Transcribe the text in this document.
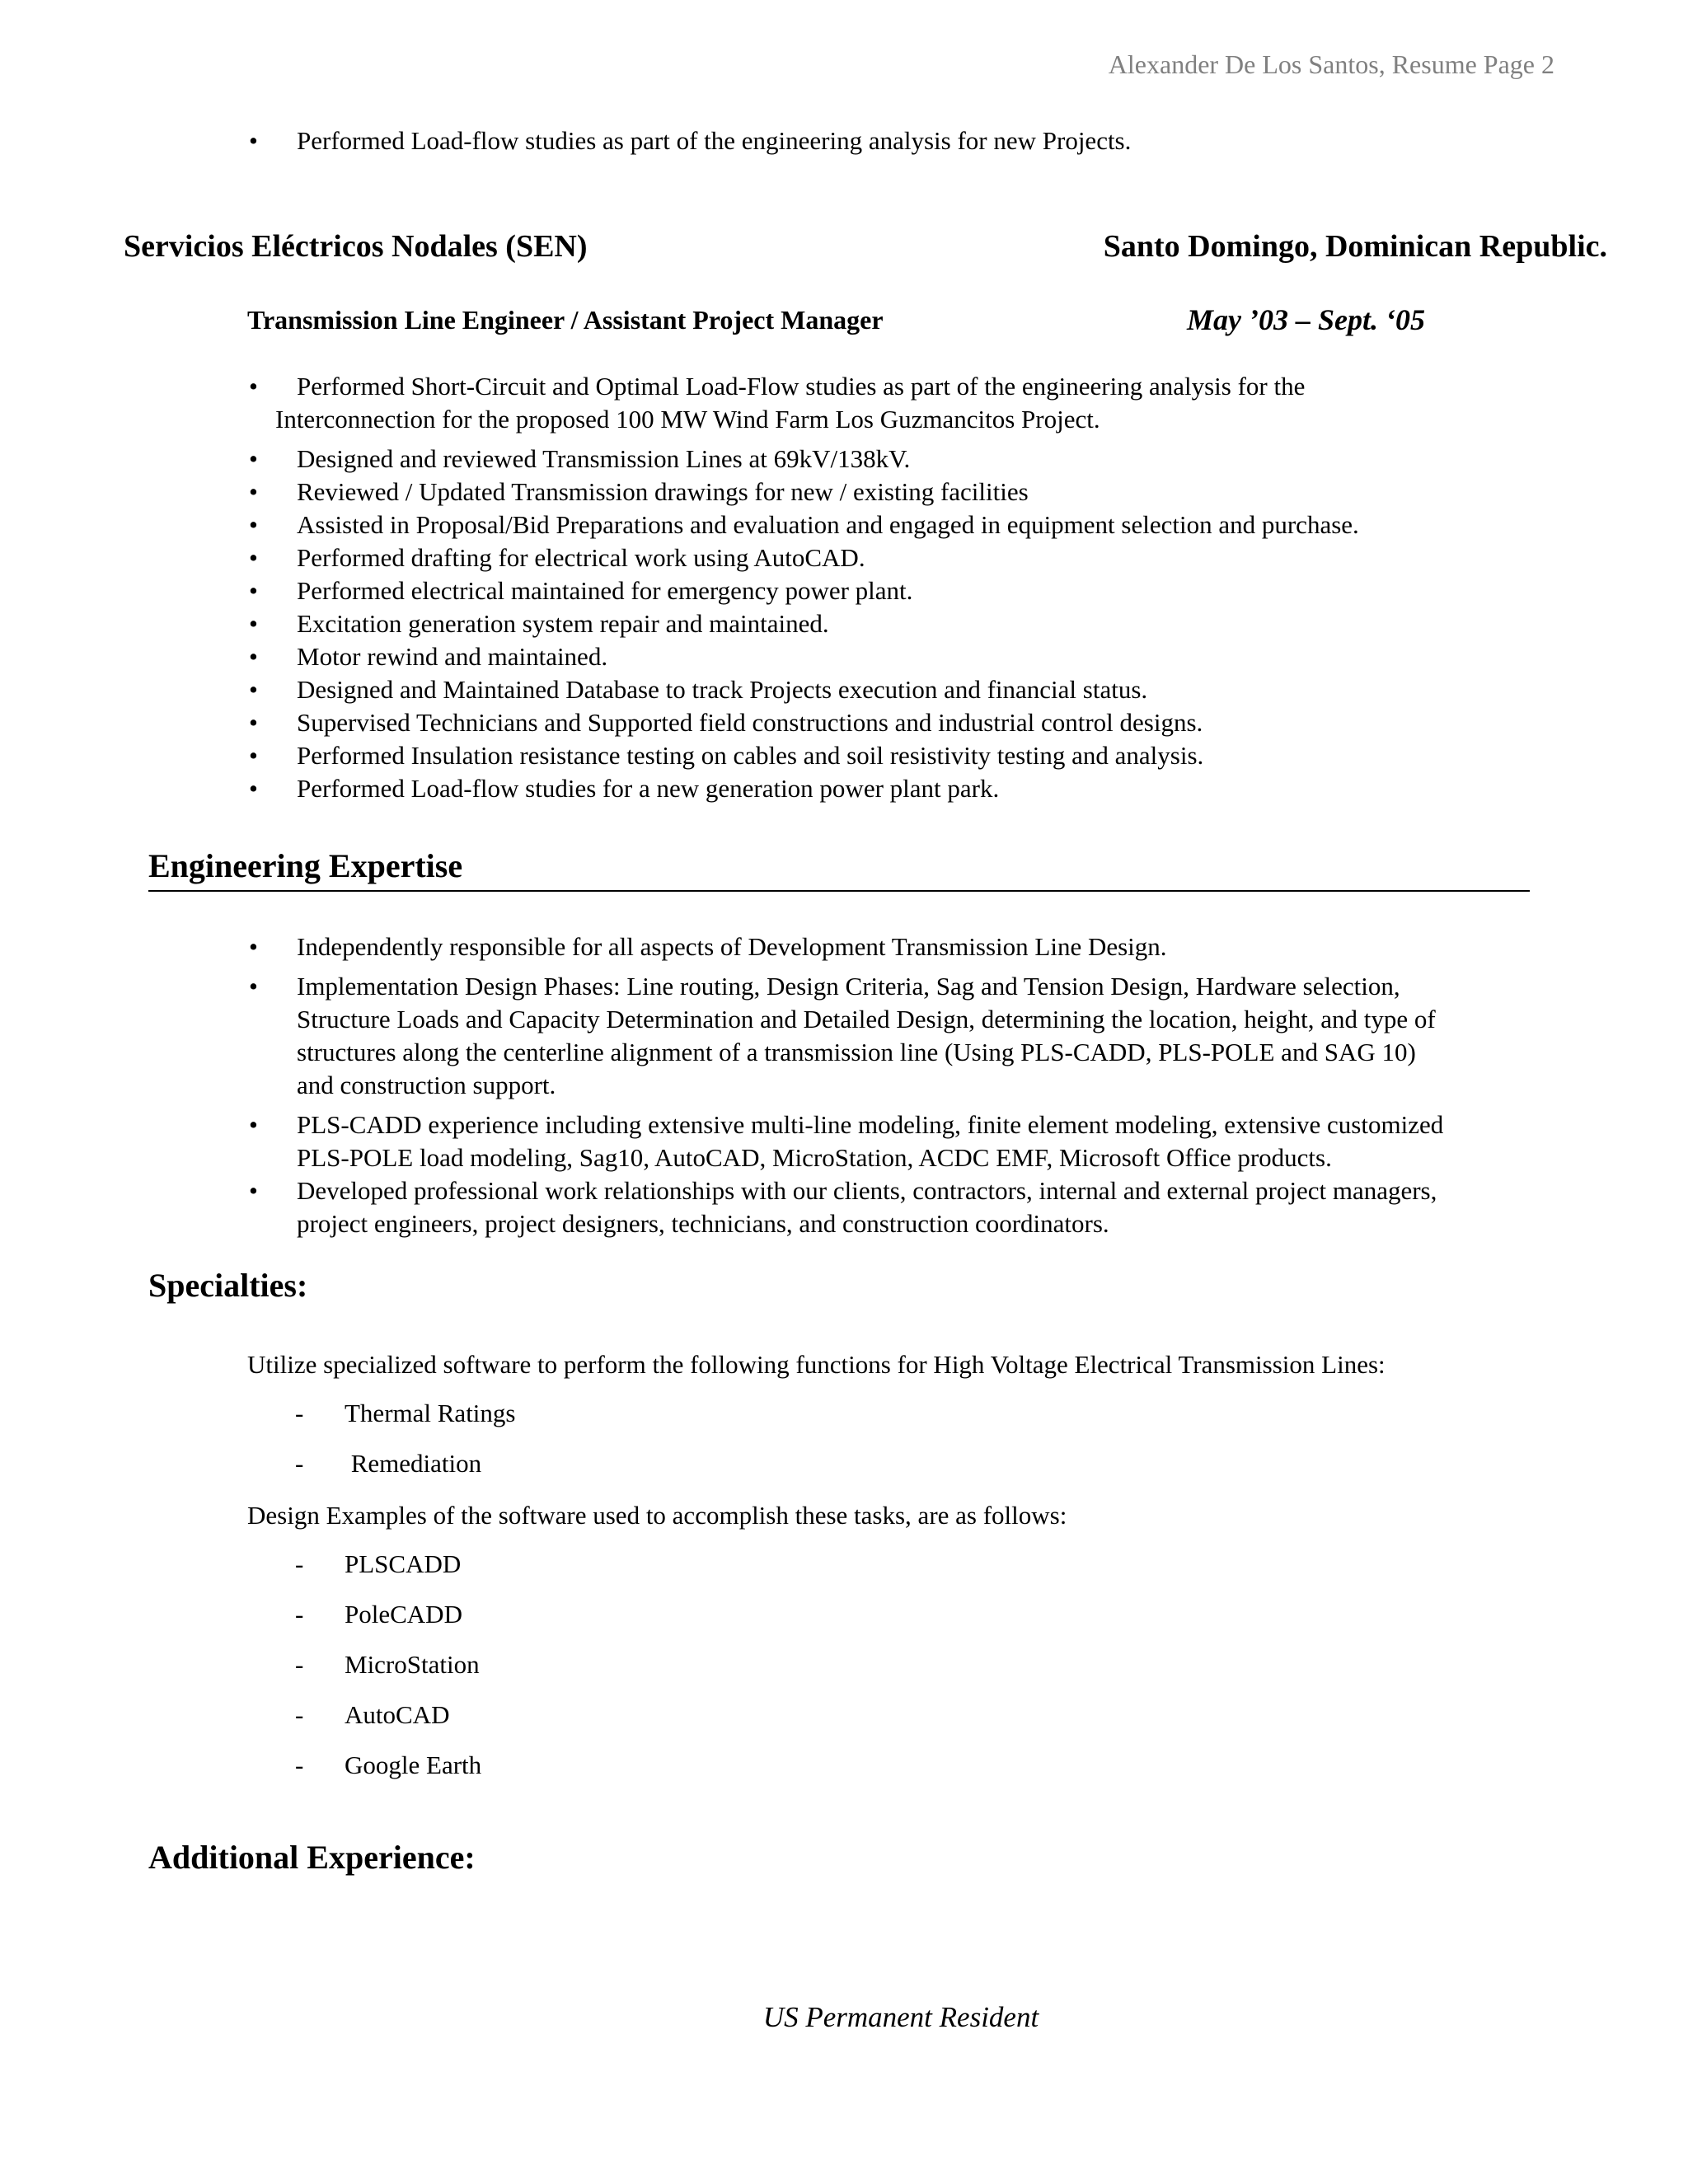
Alexander De Los Santos, Resume Page 2
• Performed Load-flow studies as part of the engineering analysis for new Projects.
Servicios Eléctricos Nodales (SEN)	Santo Domingo, Dominican Republic.
Transmission Line Engineer / Assistant Project Manager	May ’03 – Sept. ‘05
• Performed Short-Circuit and Optimal Load-Flow studies as part of the engineering analysis for the
Interconnection for the proposed 100 MW Wind Farm Los Guzmancitos Project.
• Designed and reviewed Transmission Lines at 69kV/138kV.
• Reviewed / Updated Transmission drawings for new / existing facilities
• Assisted in Proposal/Bid Preparations and evaluation and engaged in equipment selection and purchase.
• Performed drafting for electrical work using AutoCAD.
• Performed electrical maintained for emergency power plant.
• Excitation generation system repair and maintained.
• Motor rewind and maintained.
• Designed and Maintained Database to track Projects execution and financial status.
• Supervised Technicians and Supported field constructions and industrial control designs.
• Performed Insulation resistance testing on cables and soil resistivity testing and analysis.
• Performed Load-flow studies for a new generation power plant park.
Engineering Expertise
• Independently responsible for all aspects of Development Transmission Line Design.
• Implementation Design Phases: Line routing, Design Criteria, Sag and Tension Design, Hardware selection,
Structure Loads and Capacity Determination and Detailed Design, determining the location, height, and type of
structures along the centerline alignment of a transmission line (Using PLS-CADD, PLS-POLE and SAG 10)
and construction support.
• PLS-CADD experience including extensive multi-line modeling, finite element modeling, extensive customized
PLS-POLE load modeling, Sag10, AutoCAD, MicroStation, ACDC EMF, Microsoft Office products.
• Developed professional work relationships with our clients, contractors, internal and external project managers,
project engineers, project designers, technicians, and construction coordinators.
Specialties:
Utilize specialized software to perform the following functions for High Voltage Electrical Transmission Lines:
- Thermal Ratings
- Remediation
Design Examples of the software used to accomplish these tasks, are as follows:
- PLSCADD
- PoleCADD
- MicroStation
- AutoCAD
- Google Earth
Additional Experience:
US Permanent Resident
